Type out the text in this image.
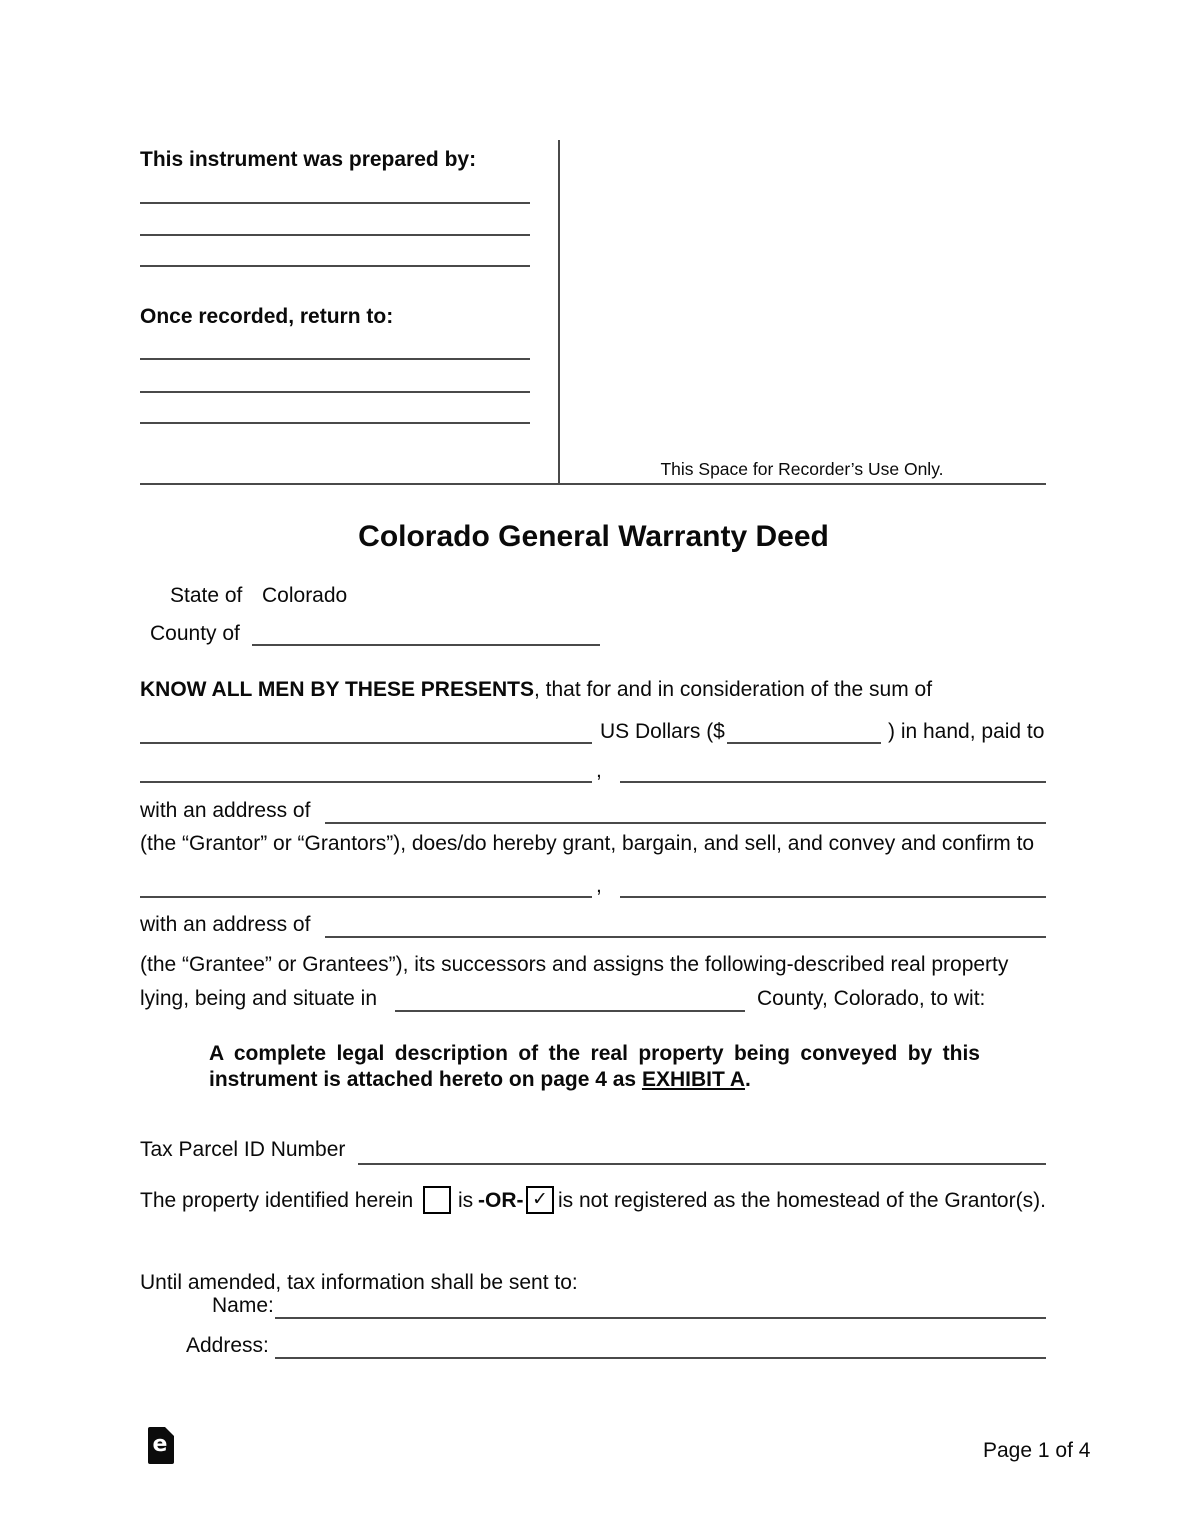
This instrument was prepared by:
Once recorded, return to:
This Space for Recorder’s Use Only.
Colorado General Warranty Deed
State of Colorado
County of
KNOW ALL MEN BY THESE PRESENTS, that for and in consideration of the sum of
US Dollars ($	) in hand, paid to
,
with an address of
(the “Grantor” or “Grantors”), does/do hereby grant, bargain, and sell, and convey and confirm to
,
with an address of
(the “Grantee” or Grantees”), its successors and assigns the following-described real property
lying, being and situate in	County, Colorado, to wit:
A complete legal description of the real property being conveyed by this
instrument is attached hereto on page 4 as EXHIBIT A.
Tax Parcel ID Number
The property identified herein is -OR- ✓ is not registered as the homestead of the Grantor(s).
Until amended, tax information shall be sent to:
Name:
Address:
e	Page 1 of 4
